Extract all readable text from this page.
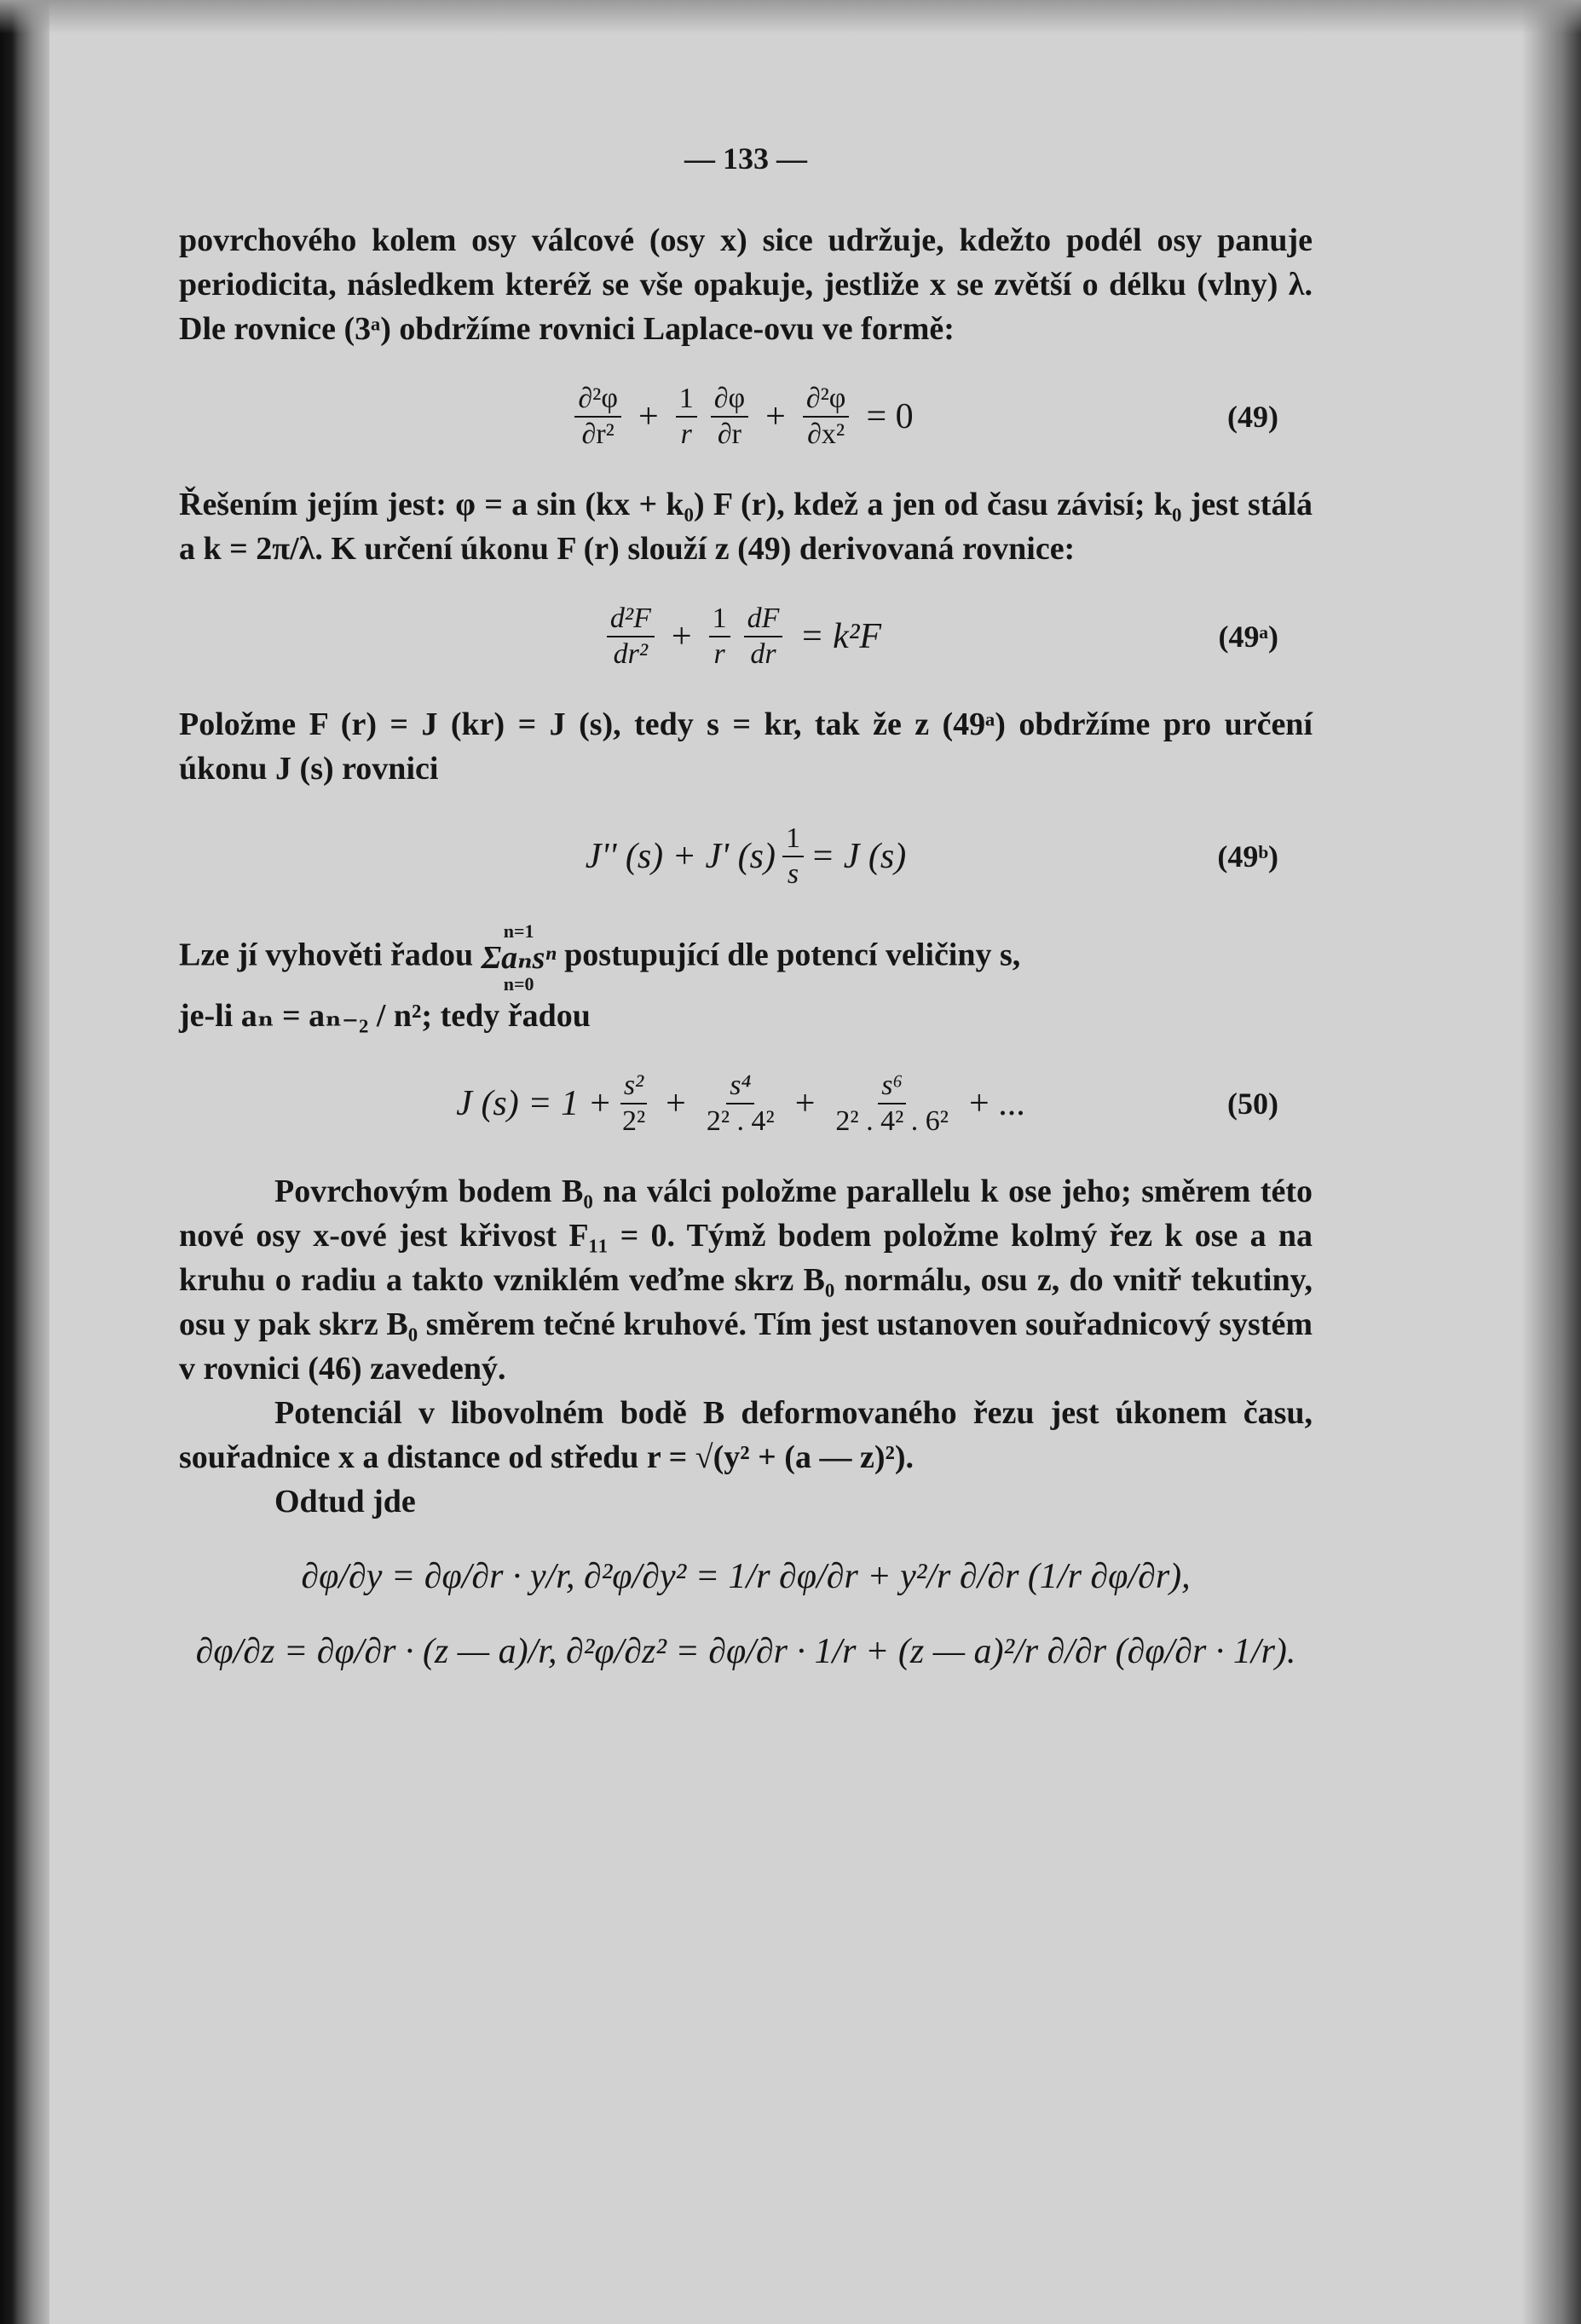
— 133 —

povrchového kolem osy válcové (osy x) sice udržuje, kdežto podél osy panuje periodicita, následkem kteréž se vše opakuje, jestliže x se zvětší o délku (vlny) λ. Dle rovnice (3ᵃ) obdržíme rovnici Laplace-ovu ve formě:

$\frac{\text{∂²φ}}{\text{∂r²}} + \frac{1}{r} \frac{\partial\varphi}{\partial r} + \frac{\text{∂²φ}}{\text{∂x²}} = 0$	(49)

Řešením jejím jest: φ = a sin (kx + k₀) F (r), kdež a jen od času závisí; k₀ jest stálá a k = 2π/λ. K určení úkonu F (r) slouží z (49) derivovaná rovnice:

$\frac{\text{d²F}}{\text{dr²}} + \frac{1}{r} \frac{dF}{dr} = k^2F$	(49ᵃ)

Položme F (r) = J (kr) = J (s), tedy s = kr, tak že z (49ᵃ) obdržíme pro určení úkonu J (s) rovnici

J'' (s) + J' $(s) \frac{1}{s} = J$ (s)	(49ᵇ)

Lze jí vyhověti řadou
n=1
Σaₙsⁿ
n=0
postupující dle potencí veličiny s,

je-li aₙ = aₙ₋₂ / n²; tedy řadou

J $(s) = 1 + \frac{\text{s²}}{\text{2²}} + \frac{\text{s⁴}}{\text{2² . 4²}} + \frac{\text{s⁶}}{\text{2² . 4² . 6²}}$ + ...	(50)

Povrchovým bodem B₀ na válci položme parallelu k ose jeho; směrem této nové osy x-ové jest křivost F₁₁ = 0. Týmž bodem položme kolmý řez k ose a na kruhu o radiu a takto vzniklém veďme skrz B₀ normálu, osu z, do vnitř tekutiny, osu y pak skrz B₀ směrem tečné kruhové. Tím jest ustanoven souřadnicový systém v rovnici (46) zavedený.

Potenciál v libovolném bodě B deformovaného řezu jest úkonem času, souřadnice x a distance od středu r = √(y² + (a — z)²).

Odtud jde

∂φ/∂y = ∂φ/∂r · y/r, ∂²φ/∂y² = 1/r ∂φ/∂r + y²/r ∂/∂r (1/r ∂φ/∂r),
∂φ/∂z = ∂φ/∂r · (z — a)/r, ∂²φ/∂z² = ∂φ/∂r · 1/r + (z — a)²/r ∂/∂r (∂φ/∂r · 1/r).
